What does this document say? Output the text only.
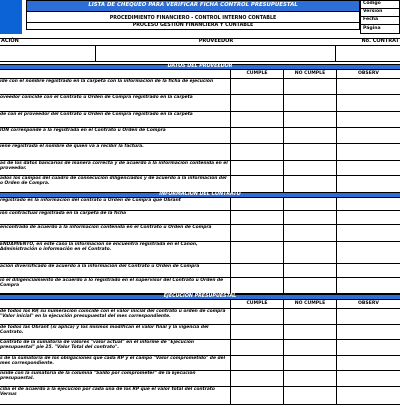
LISTA DE CHEQUEO PARA VERIFICAR FICHA CONTROL PRESUPUESTAL
PROCEDIMIENTO FINANCIERO - CONTROL INTERNO CONTABLE
PROCESO GESTIÓN FINANCIERA Y CONTABLE
Código
Versión
Fecha
Página
ACIÓN	PROVEEDOR	No. CONTRAT
DATOS DEL PROVEEDOR
CUMPLE	NO CUMPLE	OBSERV
ide con el nombre registrado en la carpeta con la información de la ficha de ejecución
oveedor coincide con el Contrato u Orden de Compra registrado en la carpeta
de con el proveedor del Contrato u Orden de Compra registrado en la carpeta
ION corresponde a la registrada en el Contrato u Orden de Compra
iene registrada el nombre de quien va a recibir la factura.
as de los datos bancarios de manera correcta y de acuerdo a la información contenida en el proveedor.
ados los campos del cuadro de consecución diligenciados y de acuerdo a la información del o Orden de Compra.
INFORMACIÓN DEL CONTRATO
registrado es la información del contrato u Orden de Compra que Obrant
ión contractual registrada en la carpeta de la ficha
encontrado de acuerdo a la información contenida en el Contrato u Orden de Compra
ENDAMIENTO, en este caso la información se encuentra registrada en el Canon, Administración o información en el Contrato.
ación diversificado de acuerdo a la información del Contrato u Orden de Compra
ió el diligenciamiento de acuerdo a lo registrado en el supervisor del Contrato u Orden de Compra
EJECUCIÓN PRESUPUESTAL
CUMPLE	NO CUMPLE	OBSERV
de todos los RP, su numeración coincide con el valor inicial del contrato u orden de compra "Valor inicial" en la ejecución presupuestal del mes correspondiente.
de todos las Obrant (si aplica) y los mismos modifican el valor final y la vigencia del Contrato.
Contrato de la sumatoria de valores "valor actual" en el informe de "Ejecución presupuestal" pie 25. "Valor Total del contrato".
s de la sumatoria de los obligaciones que cada RP y el campo "Valor comprometido" de del mes correspondiente.
nside con la sumatoria de la columna "Saldo por comprometer" de la Ejecución presupuestal.
ciba el de acuerdo a la ejecución por cada una de los RP que el valor total del contrato Versus
